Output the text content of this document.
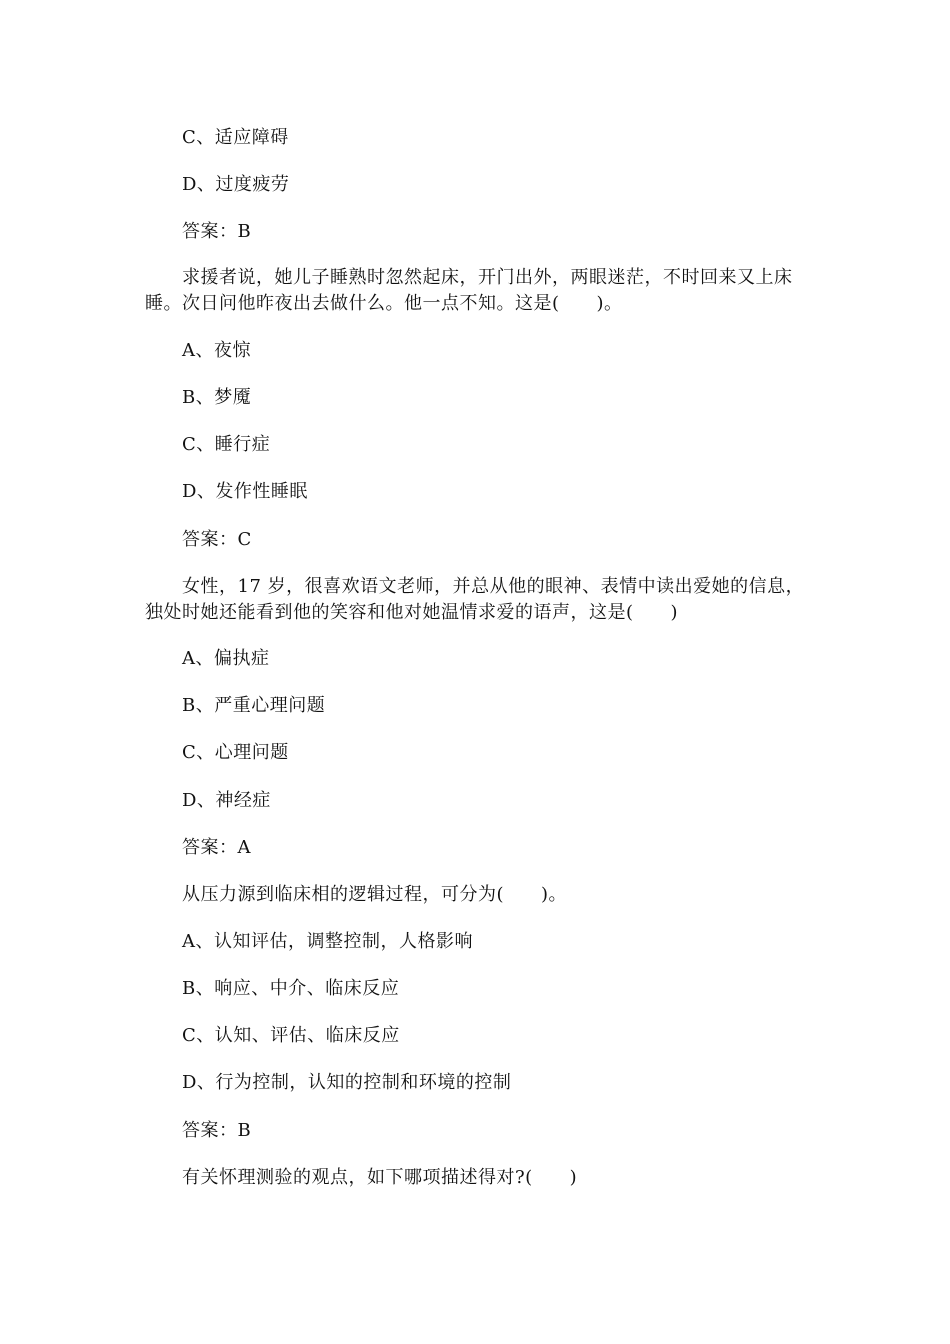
C、适应障碍
D、过度疲劳
答案：B
求援者说，她儿子睡熟时忽然起床，开门出外，两眼迷茫，不时回来又上床睡。次日问他昨夜出去做什么。他一点不知。这是(　　)。
A、夜惊
B、梦魇
C、睡行症
D、发作性睡眠
答案：C
女性，17 岁，很喜欢语文老师，并总从他的眼神、表情中读出爱她的信息，独处时她还能看到他的笑容和他对她温情求爱的语声，这是(　　)
A、偏执症
B、严重心理问题
C、心理问题
D、神经症
答案：A
从压力源到临床相的逻辑过程，可分为(　　)。
A、认知评估，调整控制，人格影响
B、响应、中介、临床反应
C、认知、评估、临床反应
D、行为控制，认知的控制和环境的控制
答案：B
有关怀理测验的观点，如下哪项描述得对?(　　)
